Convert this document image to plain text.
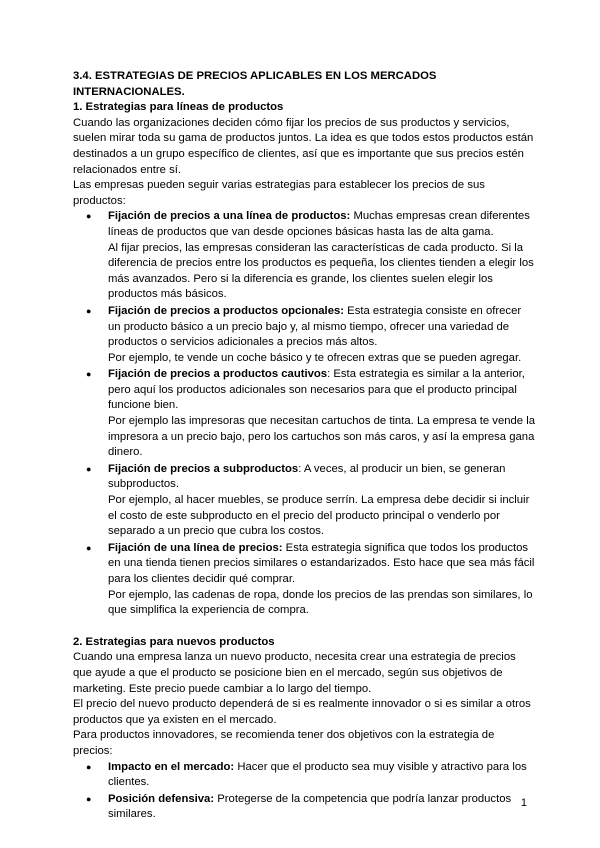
3.4. ESTRATEGIAS DE PRECIOS APLICABLES EN LOS MERCADOS INTERNACIONALES.

1. Estrategias para líneas de productos

Cuando las organizaciones deciden cómo fijar los precios de sus productos y servicios, suelen mirar toda su gama de productos juntos. La idea es que todos estos productos están destinados a un grupo específico de clientes, así que es importante que sus precios estén relacionados entre sí.

Las empresas pueden seguir varias estrategias para establecer los precios de sus productos:

● Fijación de precios a una línea de productos: Muchas empresas crean diferentes líneas de productos que van desde opciones básicas hasta las de alta gama.

Al fijar precios, las empresas consideran las características de cada producto. Si la diferencia de precios entre los productos es pequeña, los clientes tienden a elegir los más avanzados. Pero si la diferencia es grande, los clientes suelen elegir los productos más básicos.

● Fijación de precios a productos opcionales: Esta estrategia consiste en ofrecer un producto básico a un precio bajo y, al mismo tiempo, ofrecer una variedad de productos o servicios adicionales a precios más altos.

Por ejemplo, te vende un coche básico y te ofrecen extras que se pueden agregar.

● Fijación de precios a productos cautivos: Esta estrategia es similar a la anterior, pero aquí los productos adicionales son necesarios para que el producto principal funcione bien.

Por ejemplo las impresoras que necesitan cartuchos de tinta. La empresa te vende la impresora a un precio bajo, pero los cartuchos son más caros, y así la empresa gana dinero.

● Fijación de precios a subproductos: A veces, al producir un bien, se generan subproductos.

Por ejemplo, al hacer muebles, se produce serrín. La empresa debe decidir si incluir el costo de este subproducto en el precio del producto principal o venderlo por separado a un precio que cubra los costos.

● Fijación de una línea de precios: Esta estrategia significa que todos los productos en una tienda tienen precios similares o estandarizados. Esto hace que sea más fácil para los clientes decidir qué comprar.

Por ejemplo, las cadenas de ropa, donde los precios de las prendas son similares, lo que simplifica la experiencia de compra.

2. Estrategias para nuevos productos

Cuando una empresa lanza un nuevo producto, necesita crear una estrategia de precios que ayude a que el producto se posicione bien en el mercado, según sus objetivos de marketing. Este precio puede cambiar a lo largo del tiempo.

El precio del nuevo producto dependerá de si es realmente innovador o si es similar a otros productos que ya existen en el mercado.

Para productos innovadores, se recomienda tener dos objetivos con la estrategia de precios:

● Impacto en el mercado: Hacer que el producto sea muy visible y atractivo para los clientes.
● Posición defensiva: Protegerse de la competencia que podría lanzar productos similares.
1
